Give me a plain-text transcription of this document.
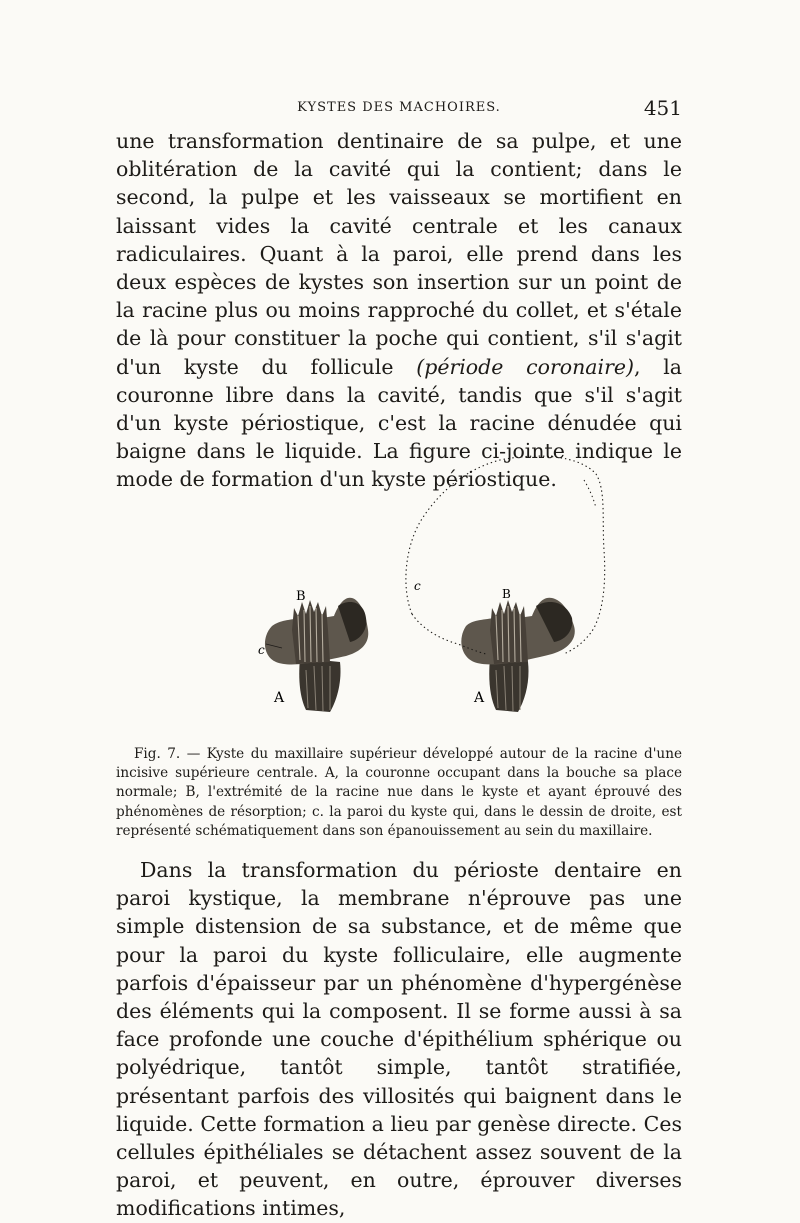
KYSTES DES MACHOIRES.	451

une transformation dentinaire de sa pulpe, et une oblitération de la cavité qui la contient; dans le second, la pulpe et les vaisseaux se mortifient en laissant vides la cavité centrale et les canaux radiculaires. Quant à la paroi, elle prend dans les deux espèces de kystes son insertion sur un point de la racine plus ou moins rapproché du collet, et s'étale de là pour constituer la poche qui contient, s'il s'agit d'un kyste du follicule (période coronaire), la couronne libre dans la cavité, tandis que s'il s'agit d'un kyste périostique, c'est la racine dénudée qui baigne dans le liquide. La figure ci-jointe indique le mode de formation d'un kyste périostique.

B
c
A
B
c
A

Fig. 7. — Kyste du maxillaire supérieur développé autour de la racine d'une incisive supérieure centrale. A, la couronne occupant dans la bouche sa place normale; B, l'extrémité de la racine nue dans le kyste et ayant éprouvé des phénomènes de résorption; c. la paroi du kyste qui, dans le dessin de droite, est représenté schématiquement dans son épanouissement au sein du maxillaire.

Dans la transformation du périoste dentaire en paroi kystique, la membrane n'éprouve pas une simple distension de sa substance, et de même que pour la paroi du kyste folliculaire, elle augmente parfois d'épaisseur par un phénomène d'hypergénèse des éléments qui la composent. Il se forme aussi à sa face profonde une couche d'épithélium sphérique ou polyédrique, tantôt simple, tantôt stratifiée, présentant parfois des villosités qui baignent dans le liquide. Cette formation a lieu par genèse directe. Ces cellules épithéliales se détachent assez souvent de la paroi, et peuvent, en outre, éprouver diverses modifications intimes,
